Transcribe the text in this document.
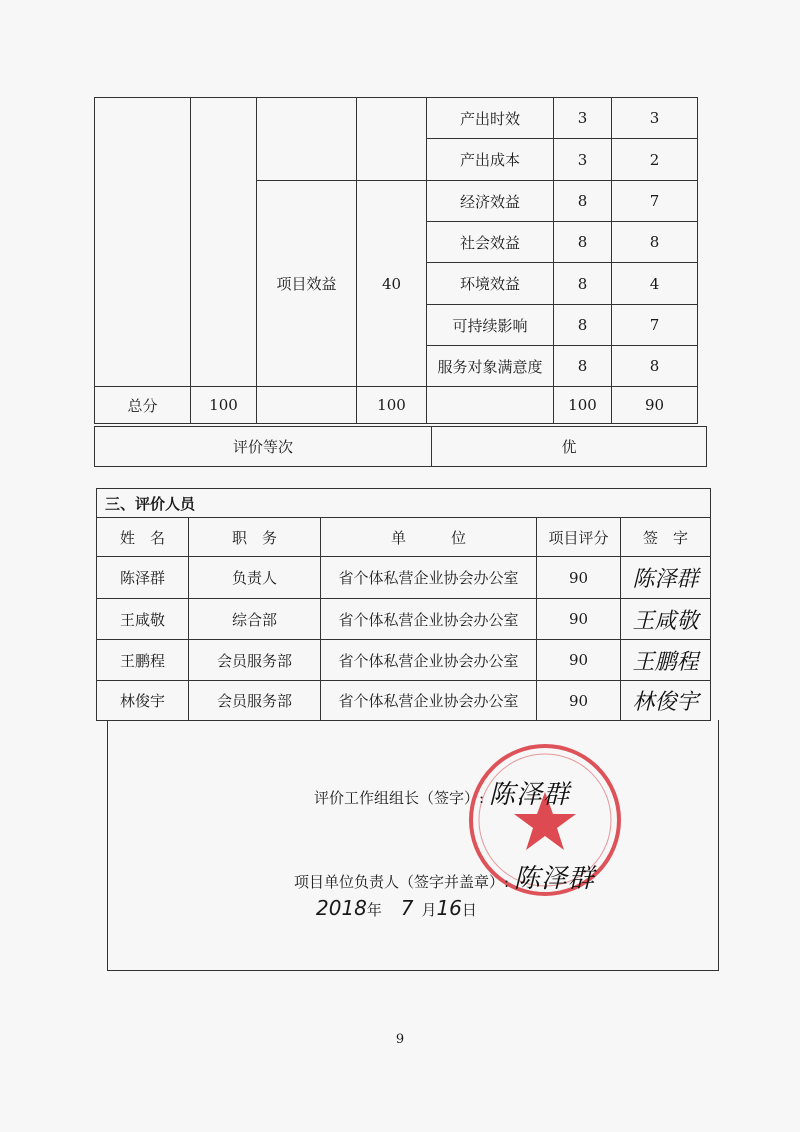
				产出时效	3	3
				产出成本	3	2
		项目效益	40	经济效益	8	7
				社会效益	8	8
				环境效益	8	4
				可持续影响	8	7
				服务对象满意度	8	8

总分	100		100		100	90
评价等次	优
三、评价人员				
姓　名	职　务	单　　　位	项目评分	签　字
陈泽群	负责人	省个体私营企业协会办公室	90	陈泽群
王咸敬	综合部	省个体私营企业协会办公室	90	王咸敬
王鹏程	会员服务部	省个体私营企业协会办公室	90	王鹏程
林俊宇	会员服务部	省个体私营企业协会办公室	90	林俊宇
评价工作组组长（签字）: 陈泽群
项目单位负责人（签字并盖章）: 陈泽群
2018年 7 月16日
9
